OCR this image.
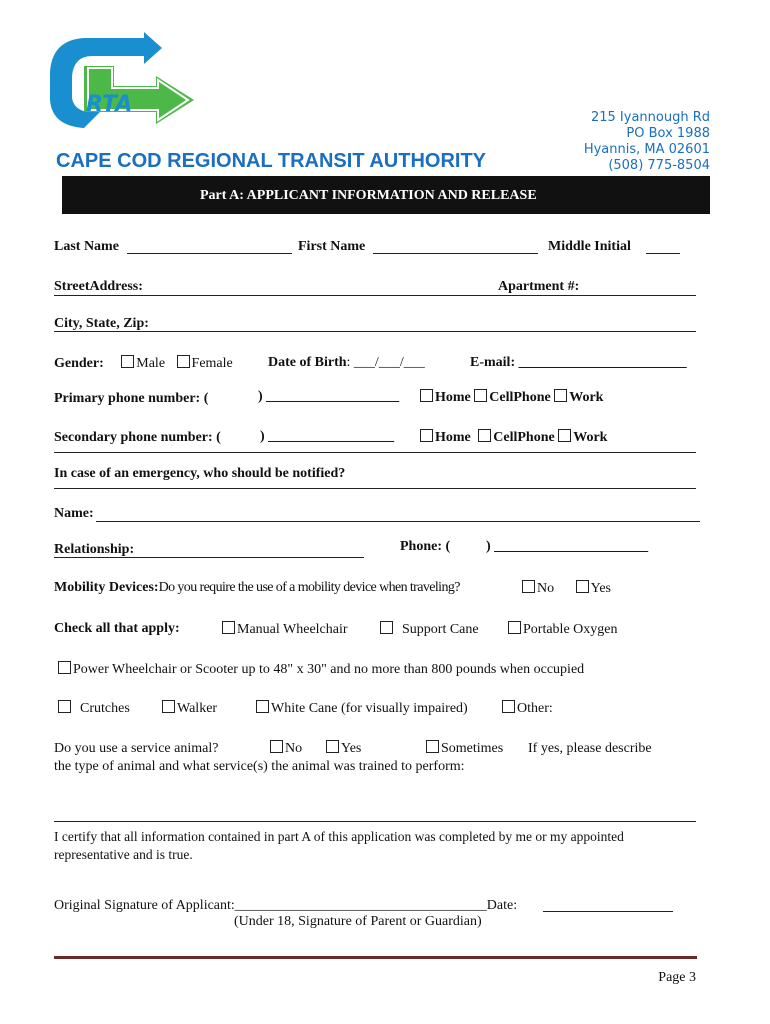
RTA
CAPE COD REGIONAL TRANSIT AUTHORITY
215 Iyannough Rd
PO Box 1988
Hyannis, MA 02601
(508) 775-8504
Part A: APPLICANT INFORMATION AND RELEASE
Last Name	First Name	Middle Initial
StreetAddress:	Apartment #:
City, State, Zip:
Gender: Male Female	Date of Birth: ___/___/___	E-mail: ________________________
Primary phone number: (	) ___________________	Home CellPhone Work
Secondary phone number: (	) __________________	Home CellPhone Work
In case of an emergency, who should be notified?
Name:
Relationship:	Phone: (	) ______________________
Mobility Devices:Do you require the use of a mobility device when traveling?	No	Yes
Check all that apply:	Manual Wheelchair	Support Cane	Portable Oxygen
Power Wheelchair or Scooter up to 48" x 30" and no more than 800 pounds when occupied
Crutches	Walker	White Cane (for visually impaired)	Other:
Do you use a service animal?	No	Yes	Sometimes If yes, please describe
the type of animal and what service(s) the animal was trained to perform:
I certify that all information contained in part A of this application was completed by me or my appointed
representative and is true.
Original Signature of Applicant:____________________________________Date:
(Under 18, Signature of Parent or Guardian)
Page 3
